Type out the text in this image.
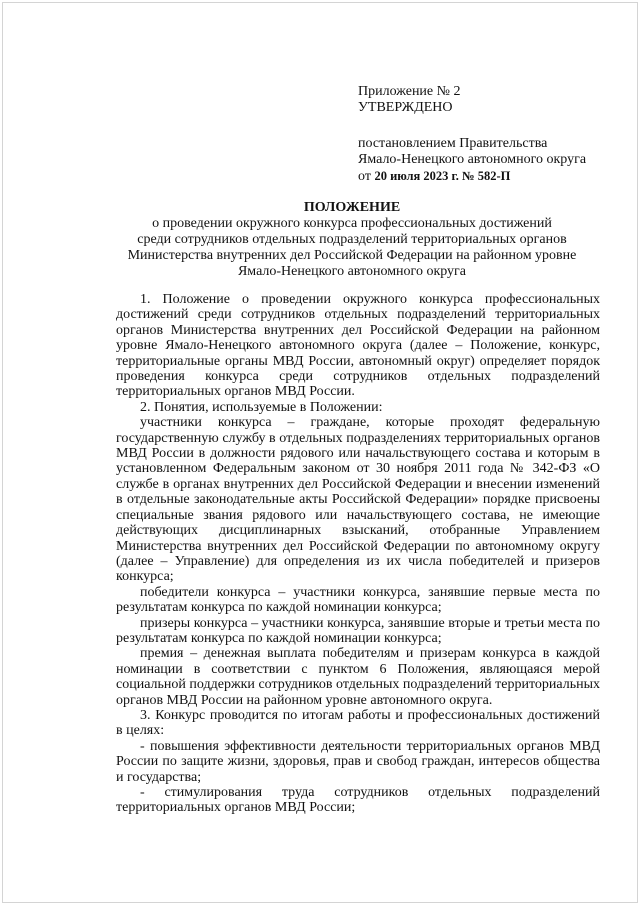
Приложение № 2
УТВЕРЖДЕНО
постановлением Правительства
Ямало-Ненецкого автономного округа
от 20 июля 2023 г. № 582-П
ПОЛОЖЕНИЕ
о проведении окружного конкурса профессиональных достижений
среди сотрудников отдельных подразделений территориальных органов
Министерства внутренних дел Российской Федерации на районном уровне
Ямало-Ненецкого автономного округа

1. Положение о проведении окружного конкурса профессиональных достижений среди сотрудников отдельных подразделений территориальных органов Министерства внутренних дел Российской Федерации на районном уровне Ямало-Ненецкого автономного округа (далее – Положение, конкурс, территориальные органы МВД России, автономный округ) определяет порядок проведения конкурса среди сотрудников отдельных подразделений территориальных органов МВД России.

2. Понятия, используемые в Положении:

участники конкурса – граждане, которые проходят федеральную государственную службу в отдельных подразделениях территориальных органов МВД России в должности рядового или начальствующего состава и которым в установленном Федеральным законом от 30 ноября 2011 года № 342-ФЗ «О службе в органах внутренних дел Российской Федерации и внесении изменений в отдельные законодательные акты Российской Федерации» порядке присвоены специальные звания рядового или начальствующего состава, не имеющие действующих дисциплинарных взысканий, отобранные Управлением Министерства внутренних дел Российской Федерации по автономному округу (далее – Управление) для определения из их числа победителей и призеров конкурса;

победители конкурса – участники конкурса, занявшие первые места по результатам конкурса по каждой номинации конкурса;

призеры конкурса – участники конкурса, занявшие вторые и третьи места по результатам конкурса по каждой номинации конкурса;

премия – денежная выплата победителям и призерам конкурса в каждой номинации в соответствии с пунктом 6 Положения, являющаяся мерой социальной поддержки сотрудников отдельных подразделений территориальных органов МВД России на районном уровне автономного округа.

3. Конкурс проводится по итогам работы и профессиональных достижений в целях:

- повышения эффективности деятельности территориальных органов МВД России по защите жизни, здоровья, прав и свобод граждан, интересов общества и государства;

- стимулирования труда сотрудников отдельных подразделений территориальных органов МВД России;
